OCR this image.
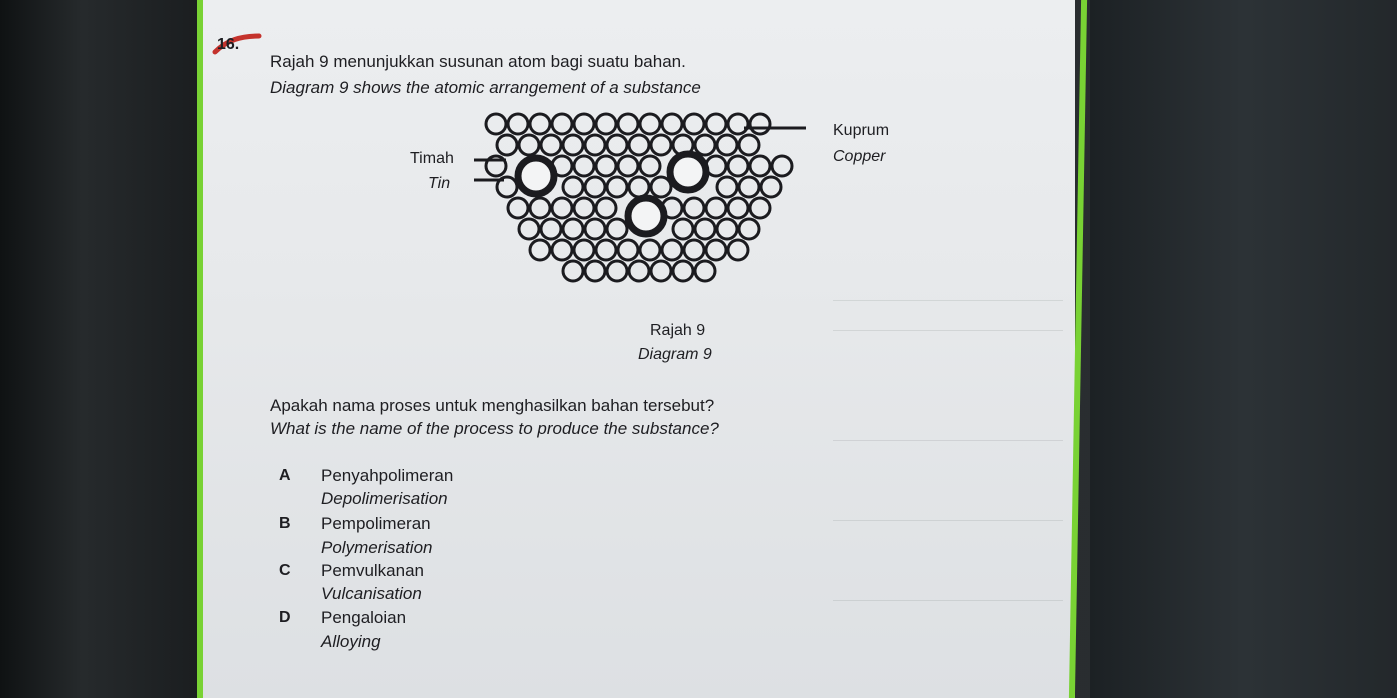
16.
Rajah 9 menunjukkan susunan atom bagi suatu bahan.
Diagram 9 shows the atomic arrangement of a substance
Timah
Tin
Kuprum
Copper
Rajah 9
Diagram 9
Apakah nama proses untuk menghasilkan bahan tersebut?
What is the name of the process to produce the substance?
A Penyahpolimeran
Depolimerisation
B Pempolimeran
Polymerisation
C Pemvulkanan
Vulcanisation
D Pengaloian
Alloying
